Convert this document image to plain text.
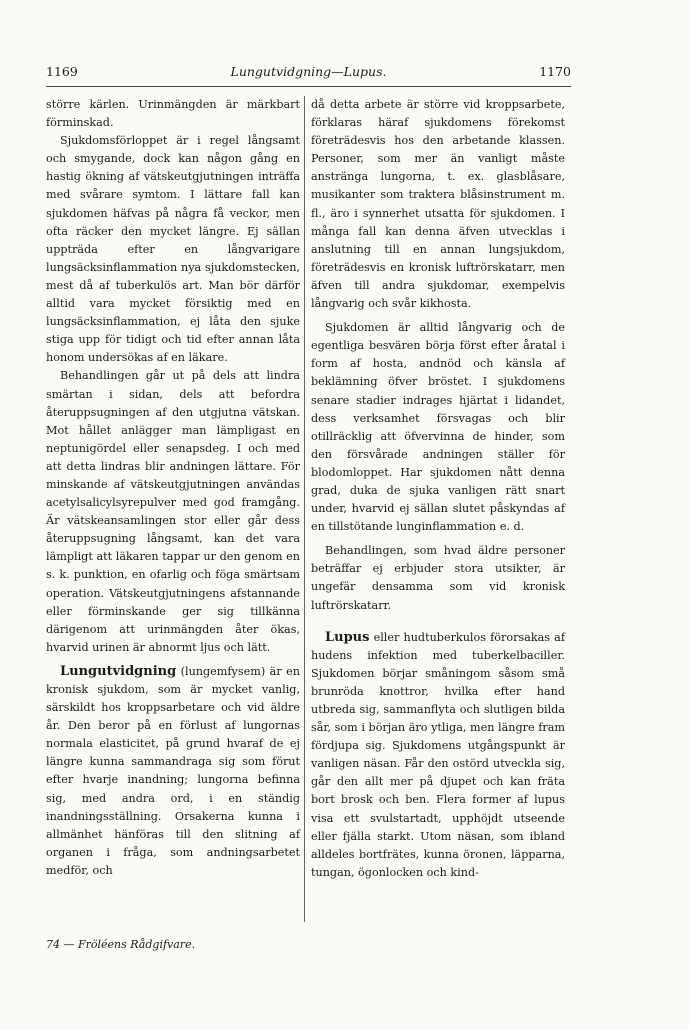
1169	Lungutvidgning—Lupus.	1170

större kärlen. Urinmängden är märkbart förminskad.

Sjukdomsförloppet är i regel långsamt och smygande, dock kan någon gång en hastig ökning af vätskeutgjutningen inträffa med svårare symtom. I lättare fall kan sjukdomen häfvas på några få veckor, men ofta räcker den mycket längre. Ej sällan uppträda efter en långvarigare lungsäcksinflammation nya sjukdomstecken, mest då af tuberkulös art. Man bör därför alltid vara mycket försiktig med en lungsäcksinflammation, ej låta den sjuke stiga upp för tidigt och tid efter annan låta honom undersökas af en läkare.

Behandlingen går ut på dels att lindra smärtan i sidan, dels att befordra återuppsugningen af den utgjutna vätskan. Mot hållet anlägger man lämpligast en neptunigördel eller senapsdeg. I och med att detta lindras blir andningen lättare. För minskande af vätskeutgjutningen användas acetylsalicylsyrepulver med god framgång. Är vätskeansamlingen stor eller går dess återuppsugning långsamt, kan det vara lämpligt att läkaren tappar ur den genom en s. k. punktion, en ofarlig och föga smärtsam operation. Vätskeutgjutningens afstannande eller förminskande ger sig tillkänna därigenom att urinmängden åter ökas, hvarvid urinen är abnormt ljus och lätt.

Lungutvidgning (lungemfysem) är en kronisk sjukdom, som är mycket vanlig, särskildt hos kroppsarbetare och vid äldre år. Den beror på en förlust af lungornas normala elasticitet, på grund hvaraf de ej längre kunna sammandraga sig som förut efter hvarje inandning; lungorna befinna sig, med andra ord, i en ständig inandningsställning. Orsakerna kunna i allmänhet hänföras till den slitning af organen i fråga, som andningsarbetet medför, och

då detta arbete är större vid kroppsarbete, förklaras häraf sjukdomens förekomst företrädesvis hos den arbetande klassen. Personer, som mer än vanligt måste anstränga lungorna, t. ex. glasblåsare, musikanter som traktera blåsinstrument m. fl., äro i synnerhet utsatta för sjukdomen. I många fall kan denna äfven utvecklas i anslutning till en annan lungsjukdom, företrädesvis en kronisk luftrörskatarr, men äfven till andra sjukdomar, exempelvis långvarig och svår kikhosta.

Sjukdomen är alltid långvarig och de egentliga besvären börja först efter åratal i form af hosta, andnöd och känsla af beklämning öfver bröstet. I sjukdomens senare stadier indrages hjärtat i lidandet, dess verksamhet försvagas och blir otillräcklig att öfvervinna de hinder, som den försvårade andningen ställer för blodomloppet. Har sjukdomen nått denna grad, duka de sjuka vanligen rätt snart under, hvarvid ej sällan slutet påskyndas af en tillstötande lunginflammation e. d.

Behandlingen, som hvad äldre personer beträffar ej erbjuder stora utsikter, är ungefär densamma som vid kronisk luftrörskatarr.

Lupus eller hudtuberkulos förorsakas af hudens infektion med tuberkelbaciller. Sjukdomen börjar småningom såsom små brunröda knottror, hvilka efter hand utbreda sig, sammanflyta och slutligen bilda sår, som i början äro ytliga, men längre fram fördjupa sig. Sjukdomens utgångspunkt är vanligen näsan. Får den ostörd utveckla sig, går den allt mer på djupet och kan fräta bort brosk och ben. Flera former af lupus visa ett svulstartadt, upphöjdt utseende eller fjälla starkt. Utom näsan, som ibland alldeles bortfrätes, kunna öronen, läpparna, tungan, ögonlocken och kind-

74 — Fröléens Rådgifvare.
